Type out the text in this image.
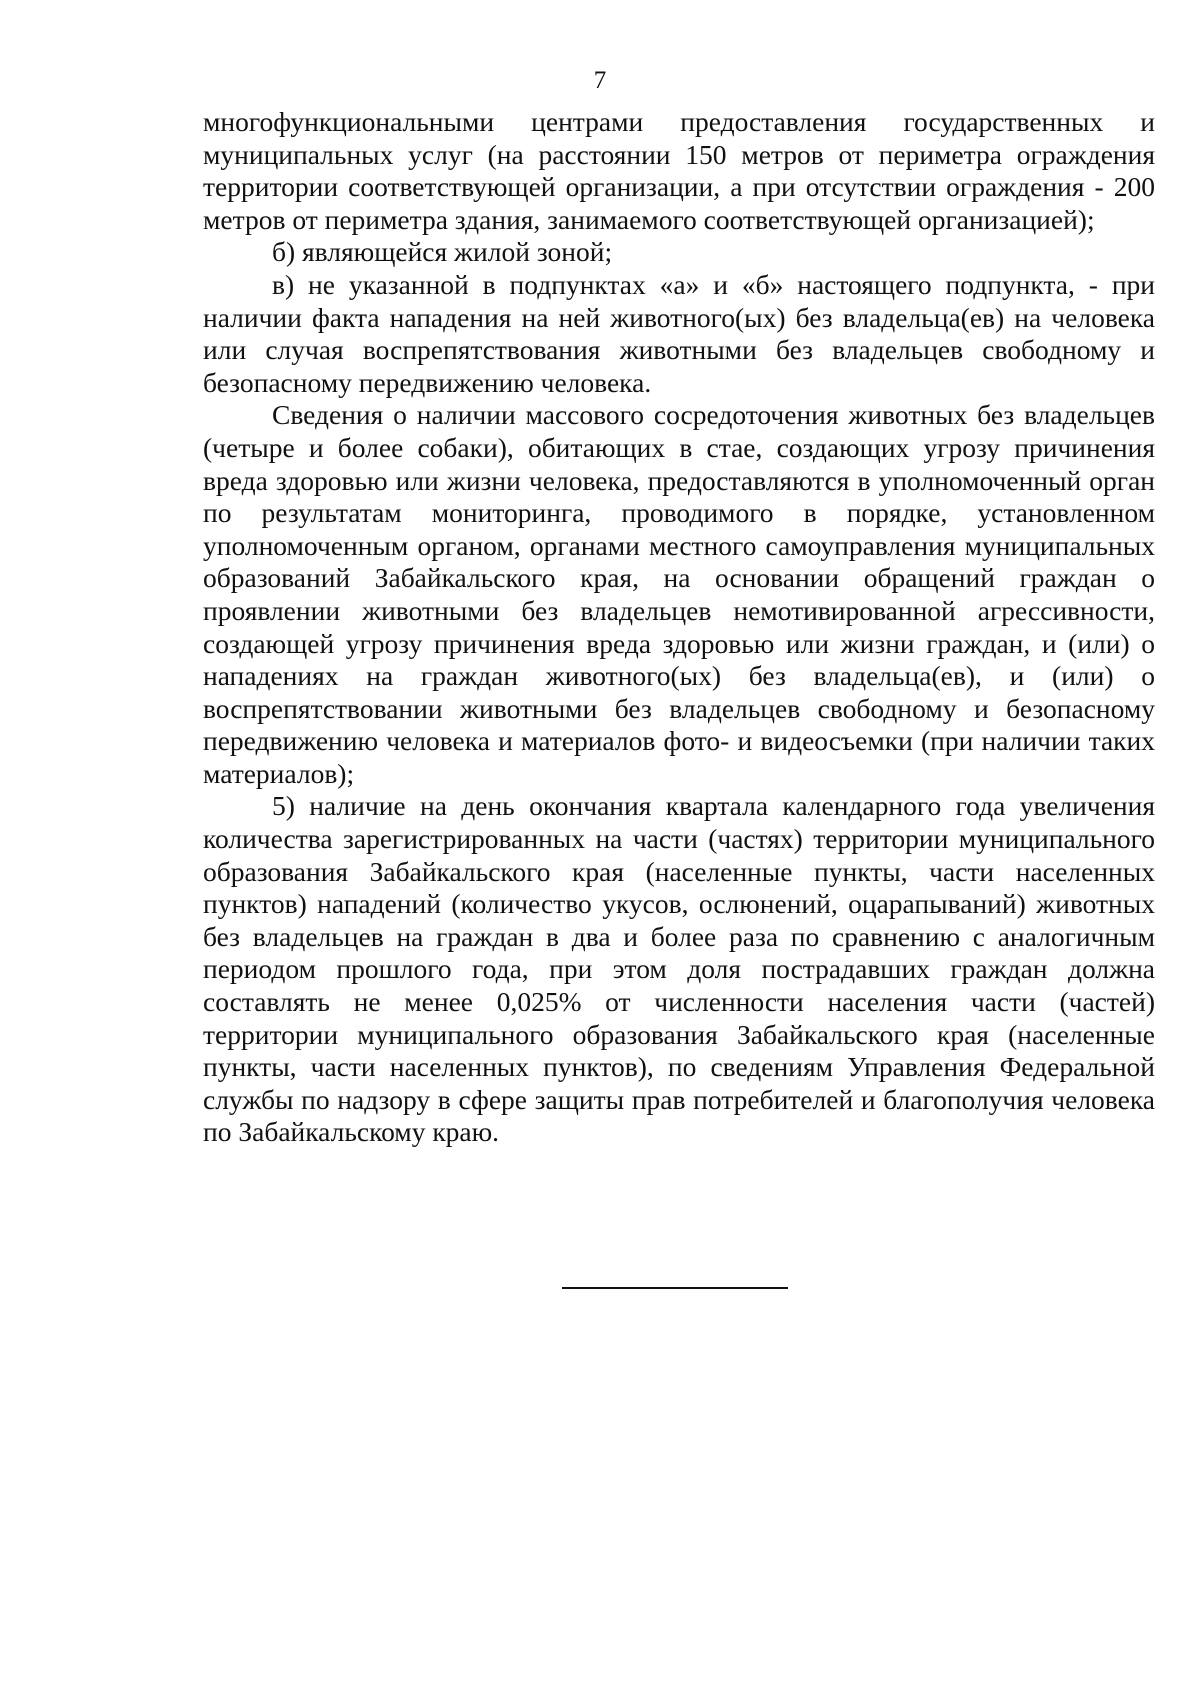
7

многофункциональными центрами предоставления государственных и муниципальных услуг (на расстоянии 150 метров от периметра ограждения территории соответствующей организации, а при отсутствии ограждения - 200 метров от периметра здания, занимаемого соответствующей организацией);

б) являющейся жилой зоной;

в) не указанной в подпунктах «а» и «б» настоящего подпункта, - при наличии факта нападения на ней животного(ых) без владельца(ев) на человека или случая воспрепятствования животными без владельцев свободному и безопасному передвижению человека.

Сведения о наличии массового сосредоточения животных без владельцев (четыре и более собаки), обитающих в стае, создающих угрозу причинения вреда здоровью или жизни человека, предоставляются в уполномоченный орган по результатам мониторинга, проводимого в порядке, установленном уполномоченным органом, органами местного самоуправления муниципальных образований Забайкальского края, на основании обращений граждан о проявлении животными без владельцев немотивированной агрессивности, создающей угрозу причинения вреда здоровью или жизни граждан, и (или) о нападениях на граждан животного(ых) без владельца(ев), и (или) о воспрепятствовании животными без владельцев свободному и безопасному передвижению человека и материалов фото- и видеосъемки (при наличии таких материалов);

5) наличие на день окончания квартала календарного года увеличения количества зарегистрированных на части (частях) территории муниципального образования Забайкальского края (населенные пункты, части населенных пунктов) нападений (количество укусов, ослюнений, оцарапываний) животных без владельцев на граждан в два и более раза по сравнению с аналогичным периодом прошлого года, при этом доля пострадавших граждан должна составлять не менее 0,025% от численности населения части (частей) территории муниципального образования Забайкальского края (населенные пункты, части населенных пунктов), по сведениям Управления Федеральной службы по надзору в сфере защиты прав потребителей и благополучия человека по Забайкальскому краю.
